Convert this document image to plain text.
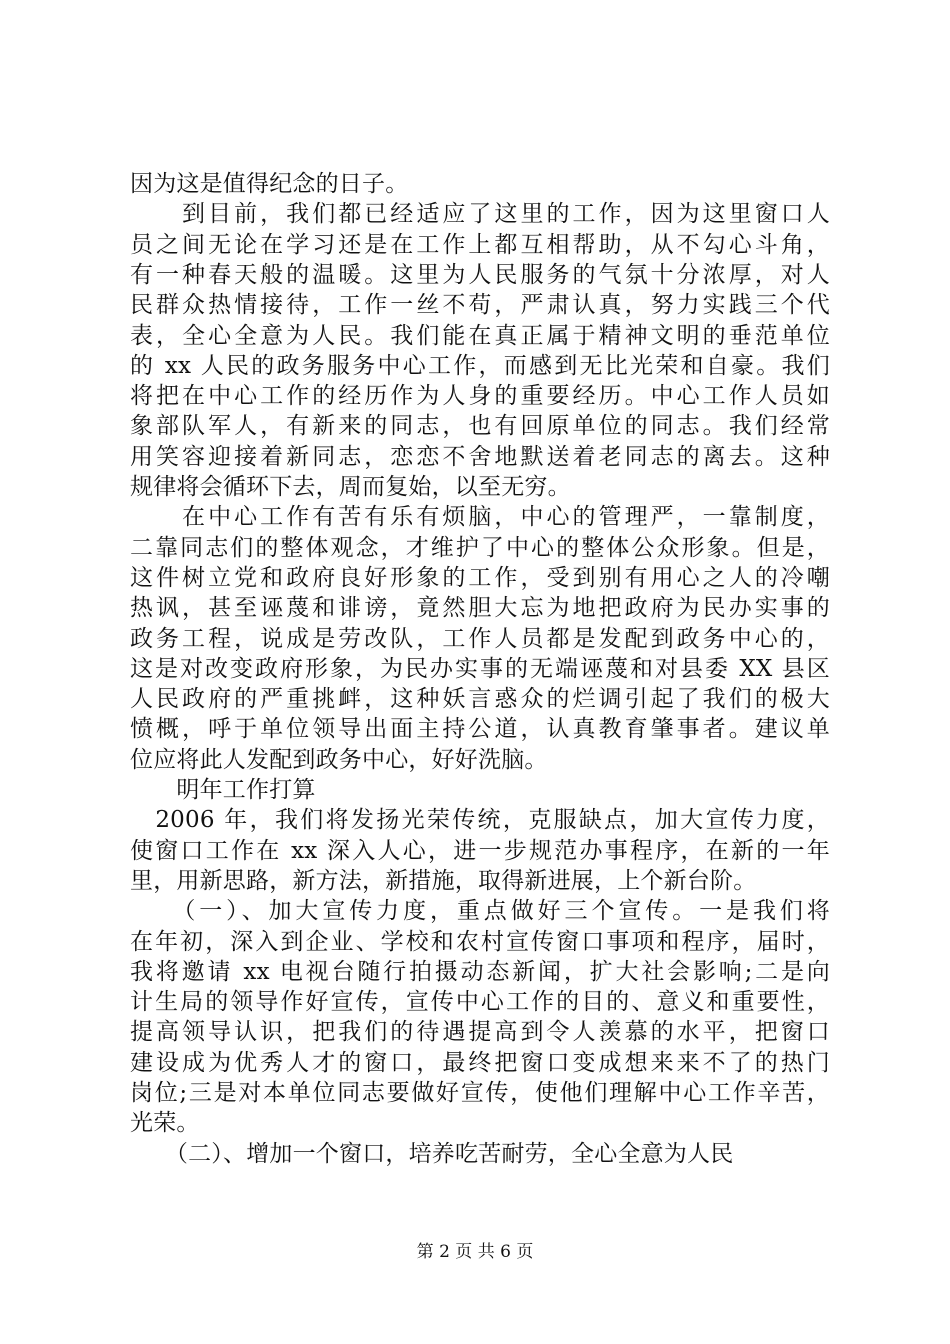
因为这是值得纪念的日子。
　　到目前，我们都已经适应了这里的工作，因为这里窗口人
员之间无论在学习还是在工作上都互相帮助，从不勾心斗角，
有一种春天般的温暖。这里为人民服务的气氛十分浓厚，对人
民群众热情接待，工作一丝不苟，严肃认真，努力实践三个代
表，全心全意为人民。我们能在真正属于精神文明的垂范单位
的 xx 人民的政务服务中心工作，而感到无比光荣和自豪。我们
将把在中心工作的经历作为人身的重要经历。中心工作人员如
象部队军人，有新来的同志，也有回原单位的同志。我们经常
用笑容迎接着新同志，恋恋不舍地默送着老同志的离去。这种
规律将会循环下去，周而复始，以至无穷。
　　在中心工作有苦有乐有烦脑，中心的管理严，一靠制度，
二靠同志们的整体观念，才维护了中心的整体公众形象。但是，
这件树立党和政府良好形象的工作，受到别有用心之人的冷嘲
热讽，甚至诬蔑和诽谤，竟然胆大忘为地把政府为民办实事的
政务工程，说成是劳改队，工作人员都是发配到政务中心的，
这是对改变政府形象，为民办实事的无端诬蔑和对县委 XX 县区
人民政府的严重挑衅，这种妖言惑众的烂调引起了我们的极大
愤概，呼于单位领导出面主持公道，认真教育肇事者。建议单
位应将此人发配到政务中心，好好洗脑。
　　明年工作打算
　2006 年，我们将发扬光荣传统，克服缺点，加大宣传力度，
使窗口工作在 xx 深入人心，进一步规范办事程序，在新的一年
里，用新思路，新方法，新措施，取得新进展，上个新台阶。
　　（一）、加大宣传力度，重点做好三个宣传。一是我们将
在年初，深入到企业、学校和农村宣传窗口事项和程序，届时，
我将邀请 xx 电视台随行拍摄动态新闻，扩大社会影响;二是向
计生局的领导作好宣传，宣传中心工作的目的、意义和重要性，
提高领导认识，把我们的待遇提高到令人羡慕的水平，把窗口
建设成为优秀人才的窗口，最终把窗口变成想来来不了的热门
岗位;三是对本单位同志要做好宣传，使他们理解中心工作辛苦，
光荣。
　　（二）、增加一个窗口，培养吃苦耐劳，全心全意为人民
第 2 页 共 6 页
